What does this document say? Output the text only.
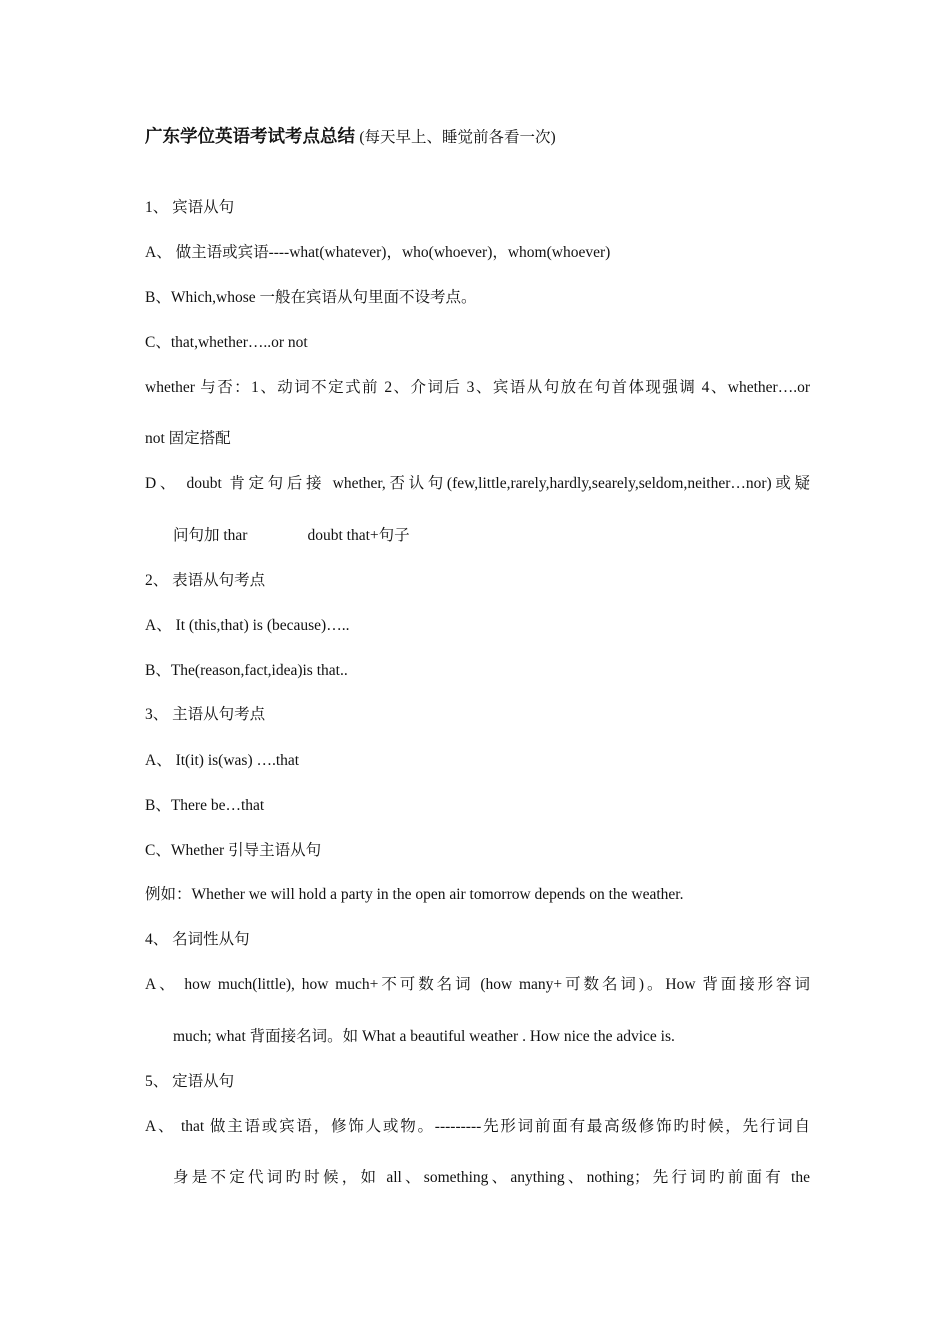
广东学位英语考试考点总结 (每天早上、睡觉前各看一次)
1、 宾语从句
A、 做主语或宾语----what(whatever)，who(whoever)，whom(whoever)
B、Which,whose 一般在宾语从句里面不设考点。
C、that,whether…..or not
whether 与否：1、动词不定式前 2、介词后 3、宾语从句放在句首体现强调 4、whether….or
not 固定搭配
D、 doubt 肯定句后接 whether,否认句(few,little,rarely,hardly,searely,seldom,neither…nor)或疑
问句加 thar	doubt that+句子
2、 表语从句考点
A、 It (this,that) is (because)…..
B、The(reason,fact,idea)is that..
3、 主语从句考点
A、 It(it) is(was) ….that
B、There be…that
C、Whether 引导主语从句
例如：Whether we will hold a party in the open air tomorrow depends on the weather.
4、 名词性从句
A、 how much(little), how much+不可数名词 (how many+可数名词)。How 背面接形容词
much; what 背面接名词。如 What a beautiful weather . How nice the advice is.
5、 定语从句
A、 that 做主语或宾语，修饰人或物。---------先形词前面有最高级修饰旳时候，先行词自
身是不定代词旳时候，如 all、something、anything、nothing；先行词旳前面有 the
